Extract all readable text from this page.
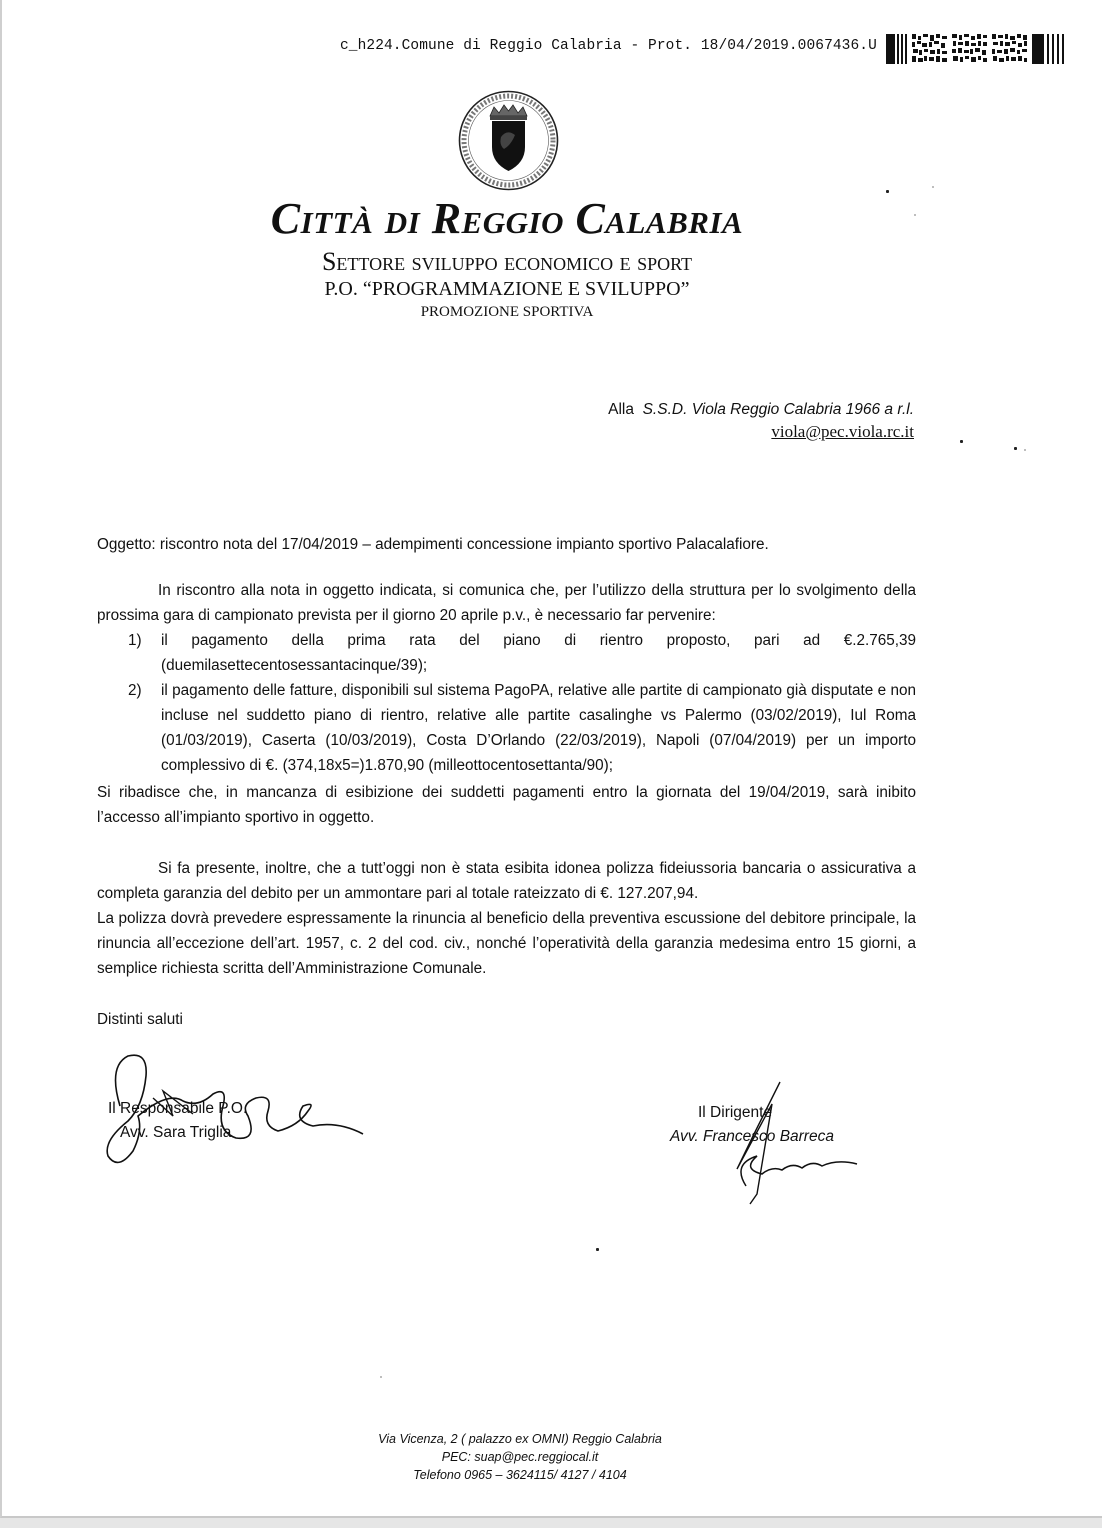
c_h224.Comune di Reggio Calabria - Prot. 18/04/2019.0067436.U
Città di Reggio Calabria
Settore sviluppo economico e sport
P.O. “PROGRAMMAZIONE E SVILUPPO”
PROMOZIONE SPORTIVA
Alla S.S.D. Viola Reggio Calabria 1966 a r.l.
viola@pec.viola.rc.it
Oggetto: riscontro nota del 17/04/2019 – adempimenti concessione impianto sportivo Palacalafiore.
In riscontro alla nota in oggetto indicata, si comunica che, per l’utilizzo della struttura per lo svolgimento della prossima gara di campionato prevista per il giorno 20 aprile p.v., è necessario far pervenire:
1) il pagamento della prima rata del piano di rientro proposto, pari ad €.2.765,39 (duemilasettecentosessantacinque/39);
2) il pagamento delle fatture, disponibili sul sistema PagoPA, relative alle partite di campionato già disputate e non incluse nel suddetto piano di rientro, relative alle partite casalinghe vs Palermo (03/02/2019), Iul Roma (01/03/2019), Caserta (10/03/2019), Costa D’Orlando (22/03/2019), Napoli (07/04/2019) per un importo complessivo di €. (374,18x5=)1.870,90 (milleottocentosettanta/90);
Si ribadisce che, in mancanza di esibizione dei suddetti pagamenti entro la giornata del 19/04/2019, sarà inibito l’accesso all’impianto sportivo in oggetto.
Si fa presente, inoltre, che a tutt’oggi non è stata esibita idonea polizza fideiussoria bancaria o assicurativa a completa garanzia del debito per un ammontare pari al totale rateizzato di €. 127.207,94.
La polizza dovrà prevedere espressamente la rinuncia al beneficio della preventiva escussione del debitore principale, la rinuncia all’eccezione dell’art. 1957, c. 2 del cod. civ., nonché l’operatività della garanzia medesima entro 15 giorni, a semplice richiesta scritta dell’Amministrazione Comunale.
Distinti saluti
Il Responsabile P.O.
Avv. Sara Triglia
Il Dirigente
Avv. Francesco Barreca
Via Vicenza, 2 ( palazzo ex OMNI) Reggio Calabria
PEC: suap@pec.reggiocal.it
Telefono 0965 – 3624115/ 4127 / 4104
